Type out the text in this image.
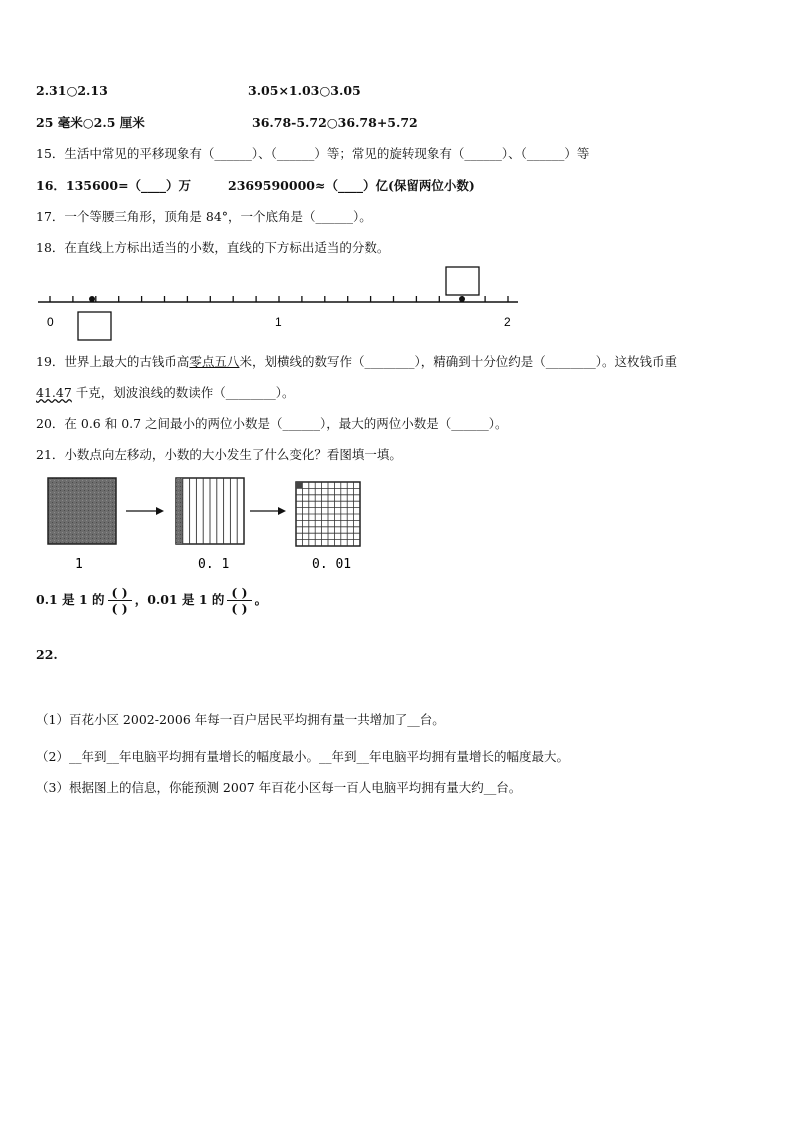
2.31○2.13	3.05×1.03○3.05
25 毫米○2.5 厘米	36.78-5.72○36.78+5.72
15．生活中常见的平移现象有（______）、（______）等；常见的旋转现象有（______）、（______）等
16．135600=（____）万	2369590000≈（____）亿(保留两位小数)
17．一个等腰三角形，顶角是 84°，一个底角是（______）。
18．在直线上方标出适当的小数，直线的下方标出适当的分数。
0	1	2
19．世界上最大的古钱币高零点五八米，划横线的数写作（________），精确到十分位约是（________）。这枚钱币重
41.47 千克，划波浪线的数读作（________）。
20．在 0.6 和 0.7 之间最小的两位小数是（______），最大的两位小数是（______）。
21．小数点向左移动，小数的大小发生了什么变化？看图填一填。
1	0. 1	0. 01
0.1 是 1 的 $\frac{( )}{( )}$ ，0.01 是 1 的 $\frac{( )}{( )}$ 。
22.
（1）百花小区 2002-2006 年每一百户居民平均拥有量一共增加了__台。
（2）__年到__年电脑平均拥有量增长的幅度最小。__年到__年电脑平均拥有量增长的幅度最大。
（3）根据图上的信息，你能预测 2007 年百花小区每一百人电脑平均拥有量大约__台。
